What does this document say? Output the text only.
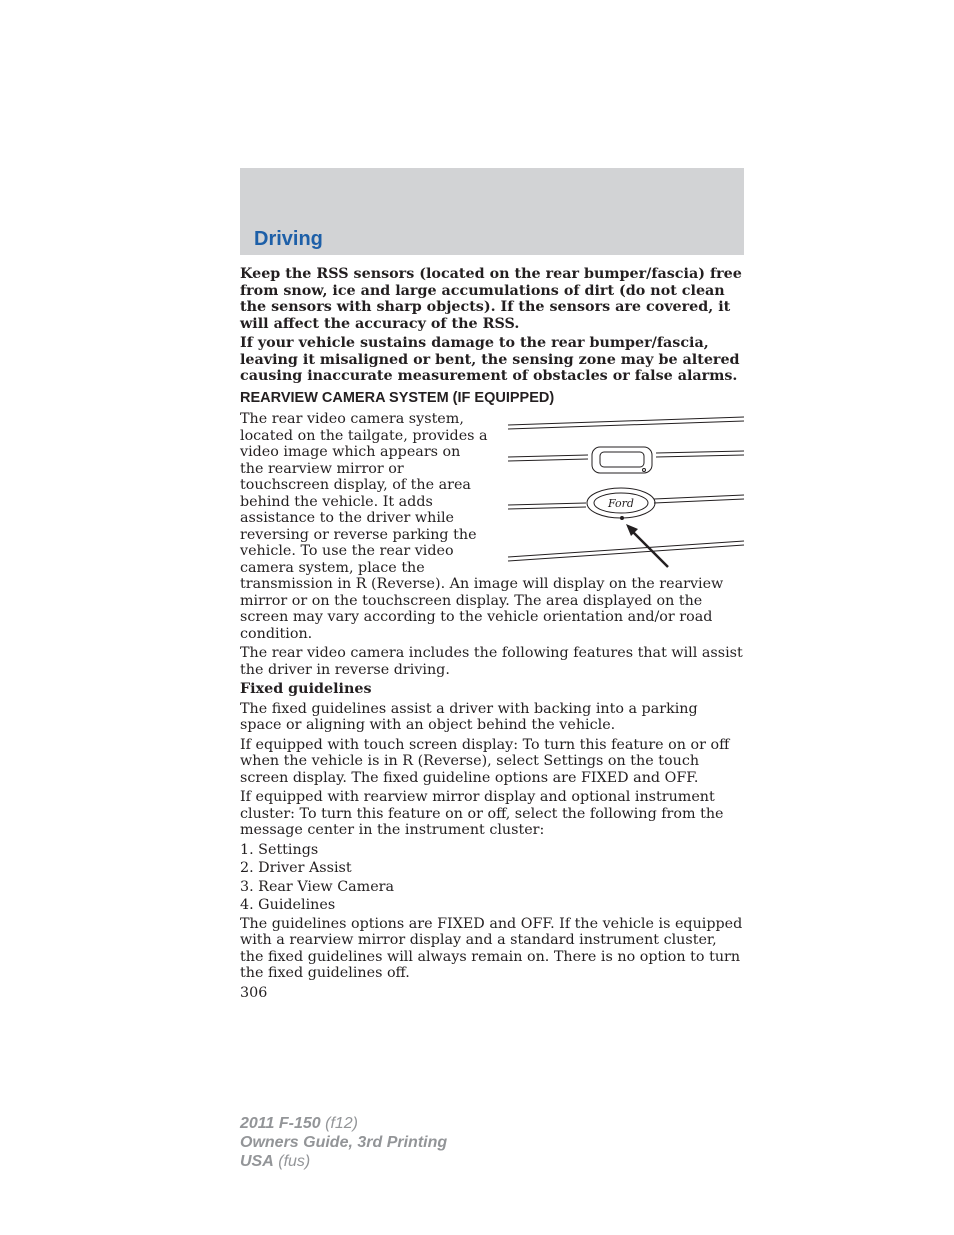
Driving

Keep the RSS sensors (located on the rear bumper/fascia) free from snow, ice and large accumulations of dirt (do not clean the sensors with sharp objects). If the sensors are covered, it will affect the accuracy of the RSS.

If your vehicle sustains damage to the rear bumper/fascia, leaving it misaligned or bent, the sensing zone may be altered causing inaccurate measurement of obstacles or false alarms.

REARVIEW CAMERA SYSTEM (IF EQUIPPED)
Ford

The rear video camera system, located on the tailgate, provides a video image which appears on the rearview mirror or touchscreen display, of the area behind the vehicle. It adds assistance to the driver while reversing or reverse parking the vehicle. To use the rear video camera system, place the transmission in R (Reverse). An image will display on the rearview mirror or on the touchscreen display. The area displayed on the screen may vary according to the vehicle orientation and/or road condition.

The rear video camera includes the following features that will assist the driver in reverse driving.

Fixed guidelines

The fixed guidelines assist a driver with backing into a parking space or aligning with an object behind the vehicle.

If equipped with touch screen display: To turn this feature on or off when the vehicle is in R (Reverse), select Settings on the touch screen display. The fixed guideline options are FIXED and OFF.

If equipped with rearview mirror display and optional instrument cluster: To turn this feature on or off, select the following from the message center in the instrument cluster:

1. Settings
2. Driver Assist
3. Rear View Camera
4. Guidelines

The guidelines options are FIXED and OFF. If the vehicle is equipped with a rearview mirror display and a standard instrument cluster, the fixed guidelines will always remain on. There is no option to turn the fixed guidelines off.

306

2011 F-150 (f12)
Owners Guide, 3rd Printing
USA (fus)
